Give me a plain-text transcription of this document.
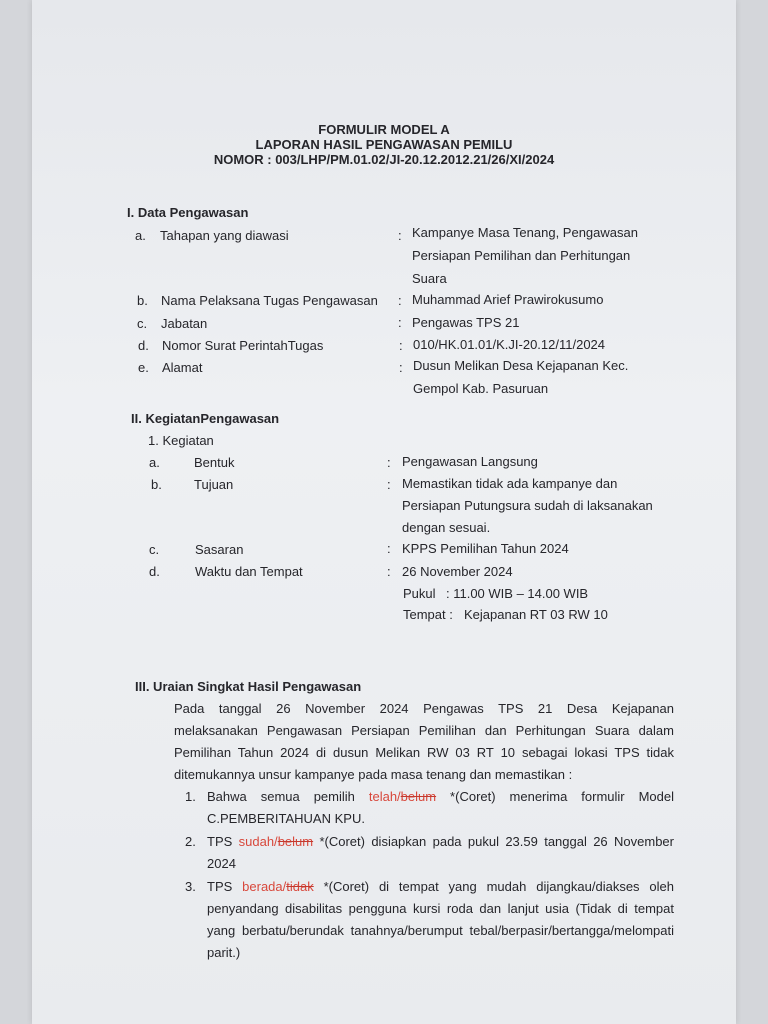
FORMULIR MODEL A
LAPORAN HASIL PENGAWASAN PEMILU
NOMOR : 003/LHP/PM.01.02/JI-20.12.2012.21/26/XI/2024
I. Data Pengawasan
a. Tahapan yang diawasi	: Kampanye Masa Tenang, Pengawasan
Persiapan Pemilihan dan Perhitungan
Suara
b. Nama Pelaksana Tugas Pengawasan : Muhammad Arief Prawirokusumo
c. Jabatan	: Pengawas TPS 21
d. Nomor Surat PerintahTugas	: 010/HK.01.01/K.JI-20.12/11/2024
e. Alamat	: Dusun Melikan Desa Kejapanan Kec.
Gempol Kab. Pasuruan
II. KegiatanPengawasan
1. Kegiatan
a.	Bentuk	: Pengawasan Langsung
b. Tujuan	: Memastikan tidak ada kampanye dan
Persiapan Putungsura sudah di laksanakan
dengan sesuai.
c.	Sasaran	: KPPS Pemilihan Tahun 2024
d.	Waktu dan Tempat	: 26 November 2024
Pukul : 11.00 WIB – 14.00 WIB
Tempat : Kejapanan RT 03 RW 10
III. Uraian Singkat Hasil Pengawasan
Pada tanggal 26 November 2024 Pengawas TPS 21 Desa Kejapanan
melaksanakan Pengawasan Persiapan Pemilihan dan Perhitungan Suara dalam
Pemilihan Tahun 2024 di dusun Melikan RW 03 RT 10 sebagai lokasi TPS tidak
ditemukannya unsur kampanye pada masa tenang dan memastikan :
1. Bahwa semua pemilih telah/belum *(Coret) menerima formulir Model C.PEMBERITAHUAN KPU.
2. TPS sudah/belum *(Coret) disiapkan pada pukul 23.59 tanggal 26 November 2024
3. TPS berada/tidak *(Coret) di tempat yang mudah dijangkau/diakses oleh penyandang disabilitas pengguna kursi roda dan lanjut usia (Tidak di tempat yang berbatu/berundak tanahnya/berumput tebal/berpasir/bertangga/melompati parit.)
